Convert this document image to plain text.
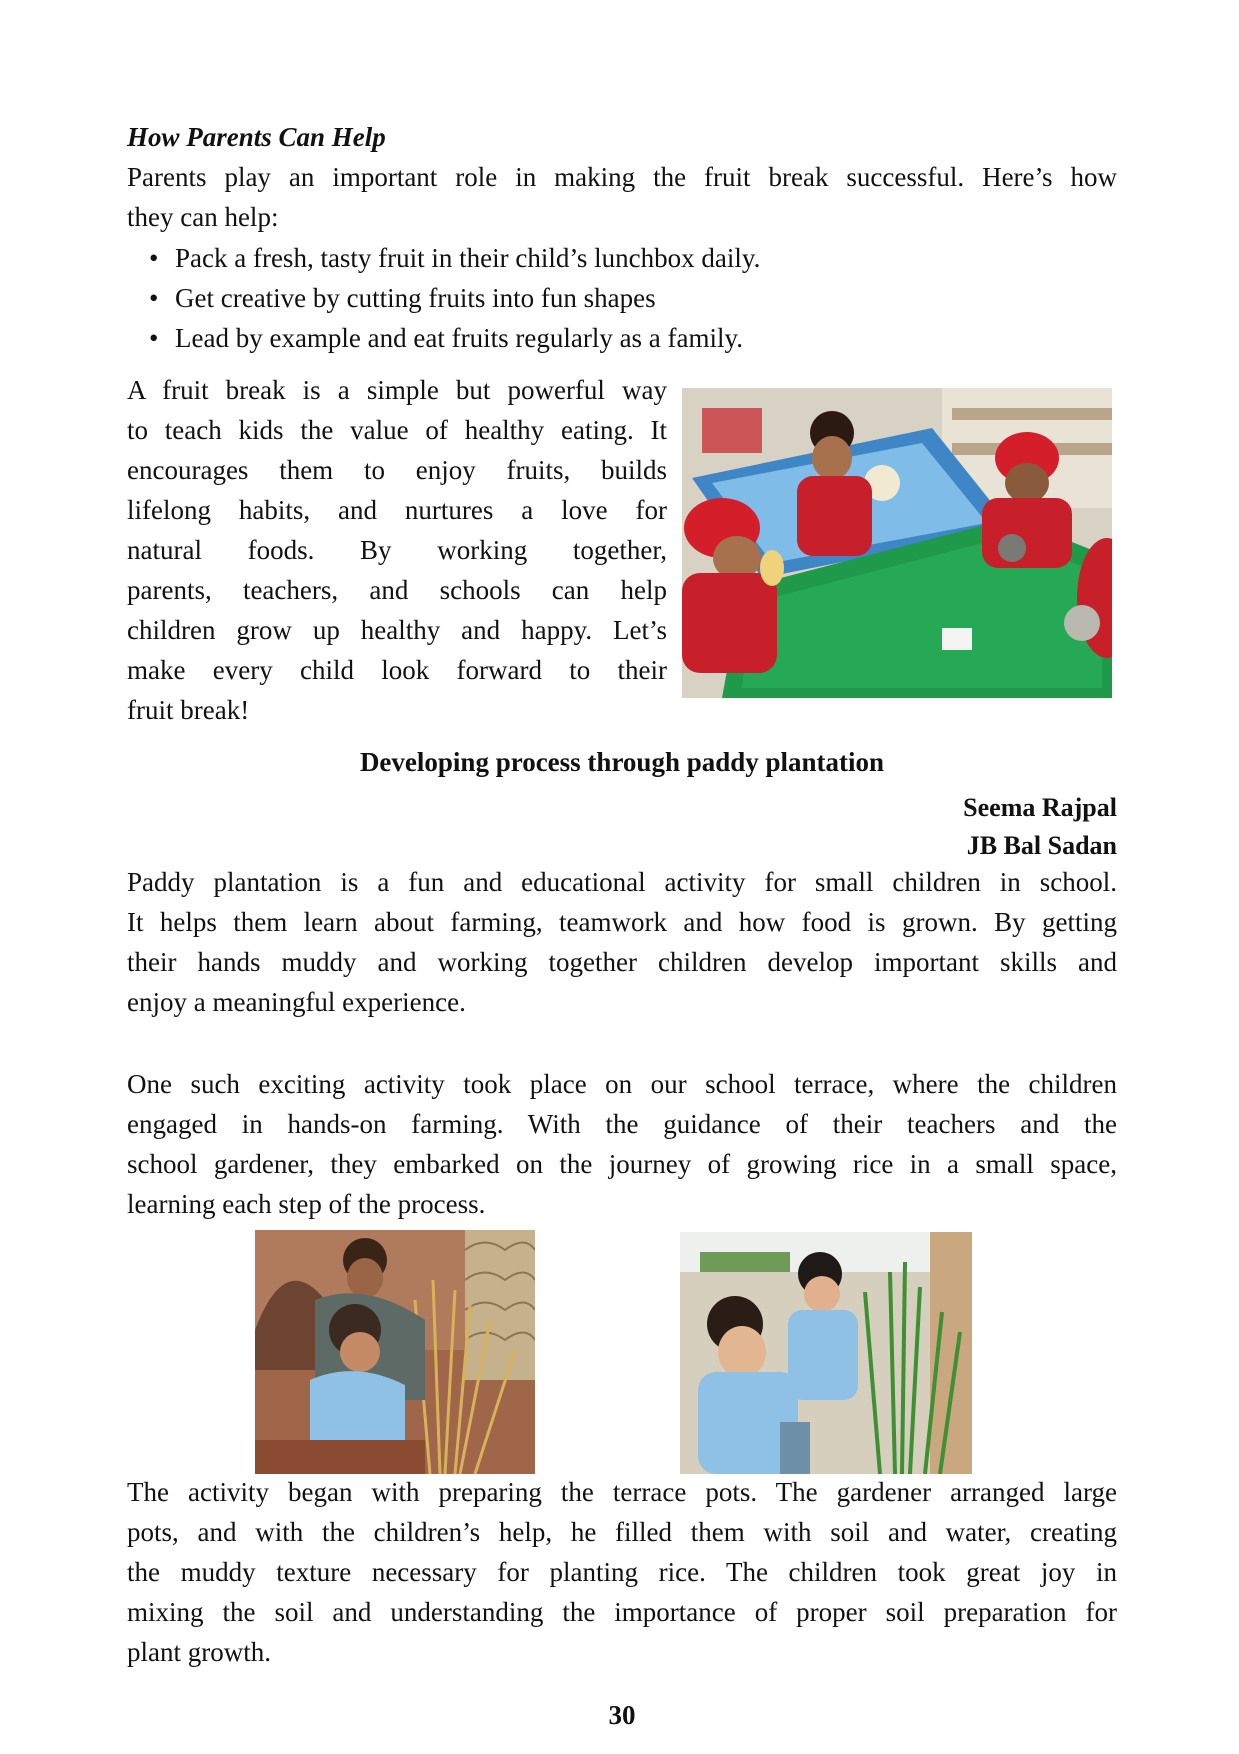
How Parents Can Help
Parents play an important role in making the fruit break successful. Here’s how
they can help:
• Pack a fresh, tasty fruit in their child’s lunchbox daily.
• Get creative by cutting fruits into fun shapes
• Lead by example and eat fruits regularly as a family.
A fruit break is a simple but powerful way
to teach kids the value of healthy eating. It
encourages them to enjoy fruits, builds
lifelong habits, and nurtures a love for
natural foods. By working together,
parents, teachers, and schools can help
children grow up healthy and happy. Let’s
make every child look forward to their
fruit break!
Developing process through paddy plantation
Seema Rajpal
JB Bal Sadan
Paddy plantation is a fun and educational activity for small children in school.
It helps them learn about farming, teamwork and how food is grown. By getting
their hands muddy and working together children develop important skills and
enjoy a meaningful experience.
One such exciting activity took place on our school terrace, where the children
engaged in hands-on farming. With the guidance of their teachers and the
school gardener, they embarked on the journey of growing rice in a small space,
learning each step of the process.
The activity began with preparing the terrace pots. The gardener arranged large
pots, and with the children’s help, he filled them with soil and water, creating
the muddy texture necessary for planting rice. The children took great joy in
mixing the soil and understanding the importance of proper soil preparation for
plant growth.
30
